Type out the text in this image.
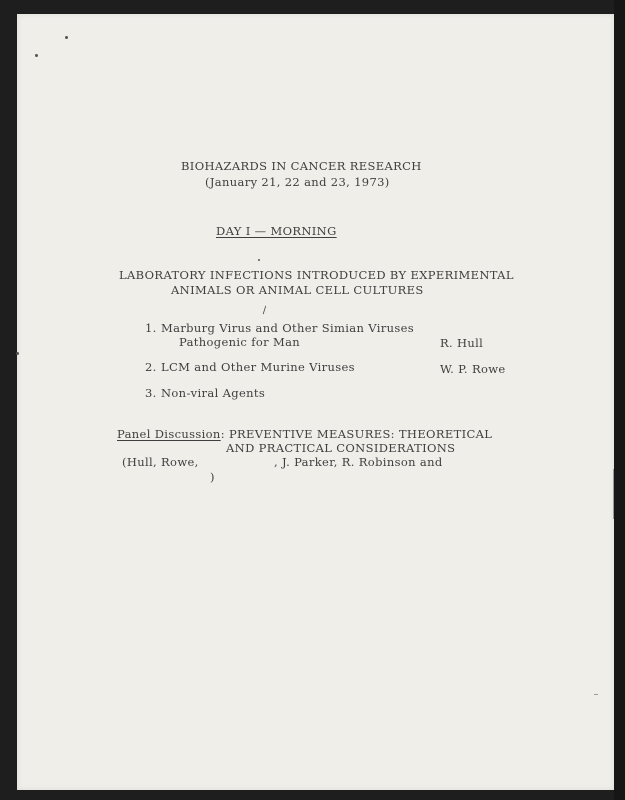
BIOHAZARDS IN CANCER RESEARCH
(January 21, 22 and 23, 1973)
DAY I — MORNING
LABORATORY INFECTIONS INTRODUCED BY EXPERIMENTAL
ANIMALS OR ANIMAL CELL CULTURES
\
1. Marburg Virus and Other Simian Viruses
Pathogenic for Man	R. Hull
2. LCM and Other Murine Viruses	W. P. Rowe
3. Non-viral Agents
Panel Discussion: PREVENTIVE MEASURES: THEORETICAL
AND PRACTICAL CONSIDERATIONS
(Hull, Rowe,	, J. Parker, R. Robinson and
)
